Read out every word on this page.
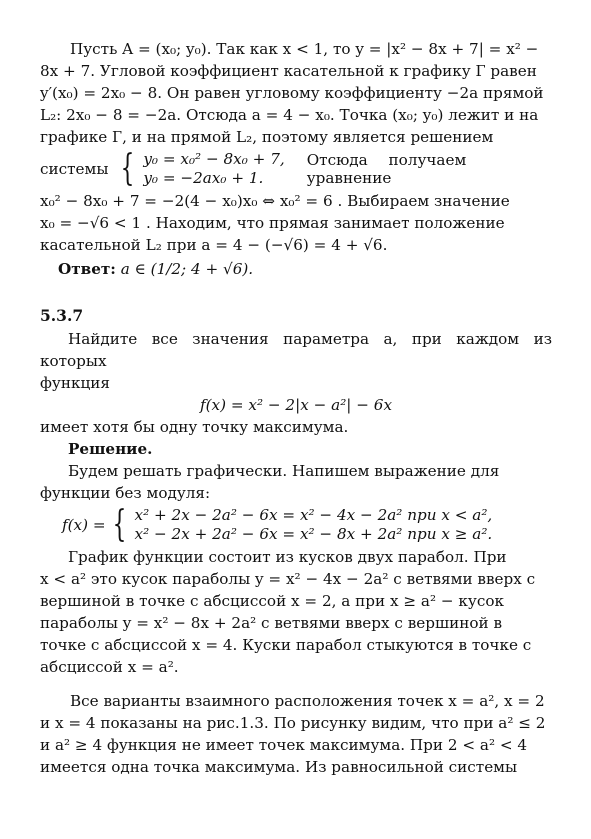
Пусть A = (x₀; y₀). Так как x < 1, то y = |x² − 8x + 7| = x² −

8x + 7. Угловой коэффициент касательной к графику Г равен

y′(x₀) = 2x₀ − 8. Он равен угловому коэффициенту −2a прямой

L₂: 2x₀ − 8 = −2a. Отсюда a = 4 − x₀. Точка (x₀; y₀) лежит и на

графике Г, и на прямой L₂, поэтому является решением

системы { y₀ = x₀² − 8x₀ + 7,
y₀ = −2ax₀ + 1.
Отсюда получаем уравнение

x₀² − 8x₀ + 7 = −2(4 − x₀)x₀ ⇔ x₀² = 6 . Выбираем значение

x₀ = −√6 < 1 . Находим, что прямая занимает положение

касательной L₂ при a = 4 − (−√6) = 4 + √6.

Ответ: a ∈ (1/2; 4 + √6).

5.3.7

Найдите все значения параметра a, при каждом из которых

функция

f(x) = x² − 2|x − a²| − 6x

имеет хотя бы одну точку максимума.

Решение.

Будем решать графически. Напишем выражение для

функции без модуля:

f(x) = { x² + 2x − 2a² − 6x = x² − 4x − 2a² при x < a²,
x² − 2x + 2a² − 6x = x² − 8x + 2a² при x ≥ a².

График функции состоит из кусков двух парабол. При

x < a² это кусок параболы y = x² − 4x − 2a² с ветвями вверх с

вершиной в точке с абсциссой x = 2, а при x ≥ a² − кусок

параболы y = x² − 8x + 2a² с ветвями вверх с вершиной в

точке с абсциссой x = 4. Куски парабол стыкуются в точке с

абсциссой x = a².

Все варианты взаимного расположения точек x = a², x = 2

и x = 4 показаны на рис.1.3. По рисунку видим, что при a² ≤ 2

и a² ≥ 4 функция не имеет точек максимума. При 2 < a² < 4

имеется одна точка максимума. Из равносильной системы
